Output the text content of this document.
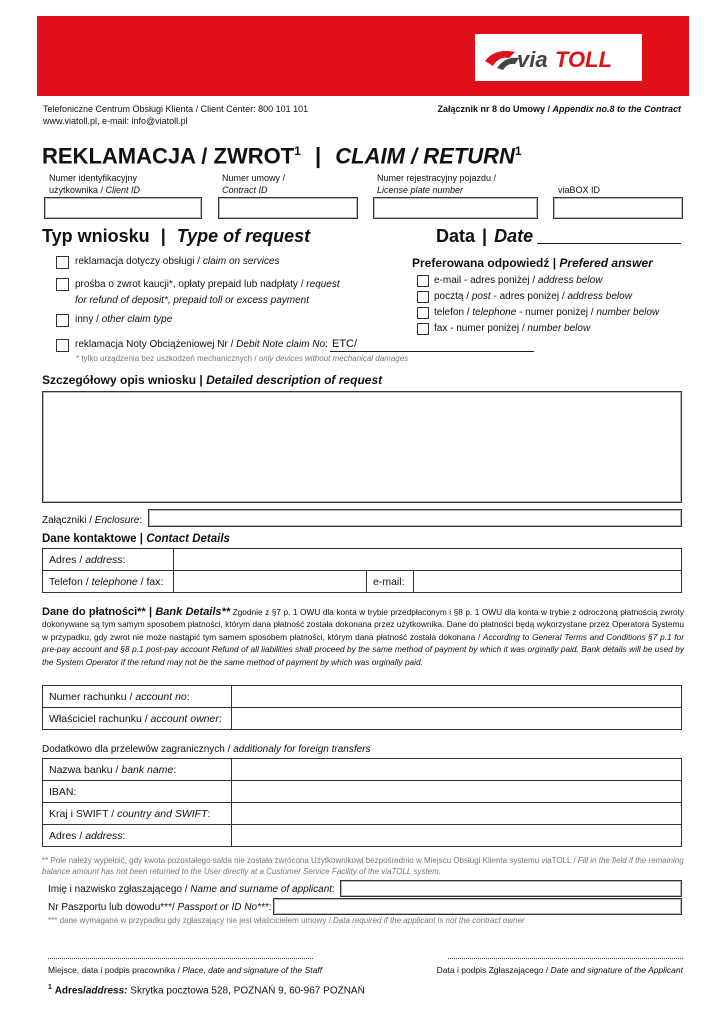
via TOLL
Telefoniczne Centrum Obsługi Klienta / Client Center: 800 101 101
www.viatoll.pl, e-mail: info@viatoll.pl
Załącznik nr 8 do Umowy / Appendix no.8 to the Contract
REKLAMACJA / ZWROT$^1$ | CLAIM / RETURN$^1$
Numer identyfikacyjny
użytkownika / Client ID
Numer umowy /
Contract ID
Numer rejestracyjny pojazdu /
License plate number	viaBOX ID
Typ wniosku | Type of request
reklamacja dotyczy obsługi / claim on services
prośba o zwrot kaucji*, opłaty prepaid lub nadpłaty / request
for refund of deposit*, prepaid toll or excess payment
inny / other claim type
reklamacja Noty Obciążeniowej Nr / Debit Note claim No: ETC/
* tylko urządzenia bez uszkodzeń mechanicznych / only devices without mechanical damages
Data | Date
Preferowana odpowiedź | Prefered answer
e-mail - adres poniżej / address below
pocztą / post - adres poniżej / address below
telefon / telephone - numer poniżej / number below
fax - numer poniżej / number below
Szczegółowy opis wniosku | Detailed description of request
Załączniki / Enclosure:
Dane kontaktowe | Contact Details
Adres / address:			
Telefon / telephone / fax:		e-mail:	
Dane do płatności** | Bank Details** Zgodnie z §7 p. 1 OWU dla konta w trybie przedpłaconym i §8 p. 1 OWU dla konta w trybie z odroczoną płatnością zwroty dokonywane są tym samym sposobem płatności, którym dana płatność została dokonana przez użytkownika. Dane do płatności będą wykorzystane przez Operatora Systemu w przypadku, gdy zwrot nie może nastąpić tym samem sposobem płatności, którym dana płatność została dokonana / According to General Terms and Conditions §7 p.1 for pre-pay account and §8 p.1 post-pay account Refund of all liabilities shall proceed by the same method of payment by which it was orginally paid. Bank details will be used by the System Operator if the refund may not be the same method of payment by which was orginally paid.
Numer rachunku / account no:	
Właściciel rachunku / account owner:	
Dodatkowo dla przelewów zagranicznych / additionaly for foreign transfers
Nazwa banku / bank name:	
IBAN:	
Kraj i SWIFT / country and SWIFT:	
Adres / address:	
** Pole należy wypełnić, gdy kwota pozostałego salda nie została zwrócona Użytkownikowi bezpośrednio w Miejscu Obsługi Klienta systemu viaTOLL / Fill in the field if the remaining balance amount has not been returned to the User directly at a Customer Service Facility of the viaTOLL system.
Imię i nazwisko zgłaszającego / Name and surname of applicant:
Nr Paszportu lub dowodu***/ Passport or ID No***:
*** dane wymagane w przypadku gdy zgłaszający nie jest właścicielem umowy / Data required if the applicant is not the contract owner
Miejsce, data i podpis pracownika / Place, date and signature of the Staff	Data i podpis Zgłaszającego / Date and signature of the Applicant
$^1$ Adres/address: Skrytka pocztowa 528, POZNAŃ 9, 60-967 POZNAŃ
